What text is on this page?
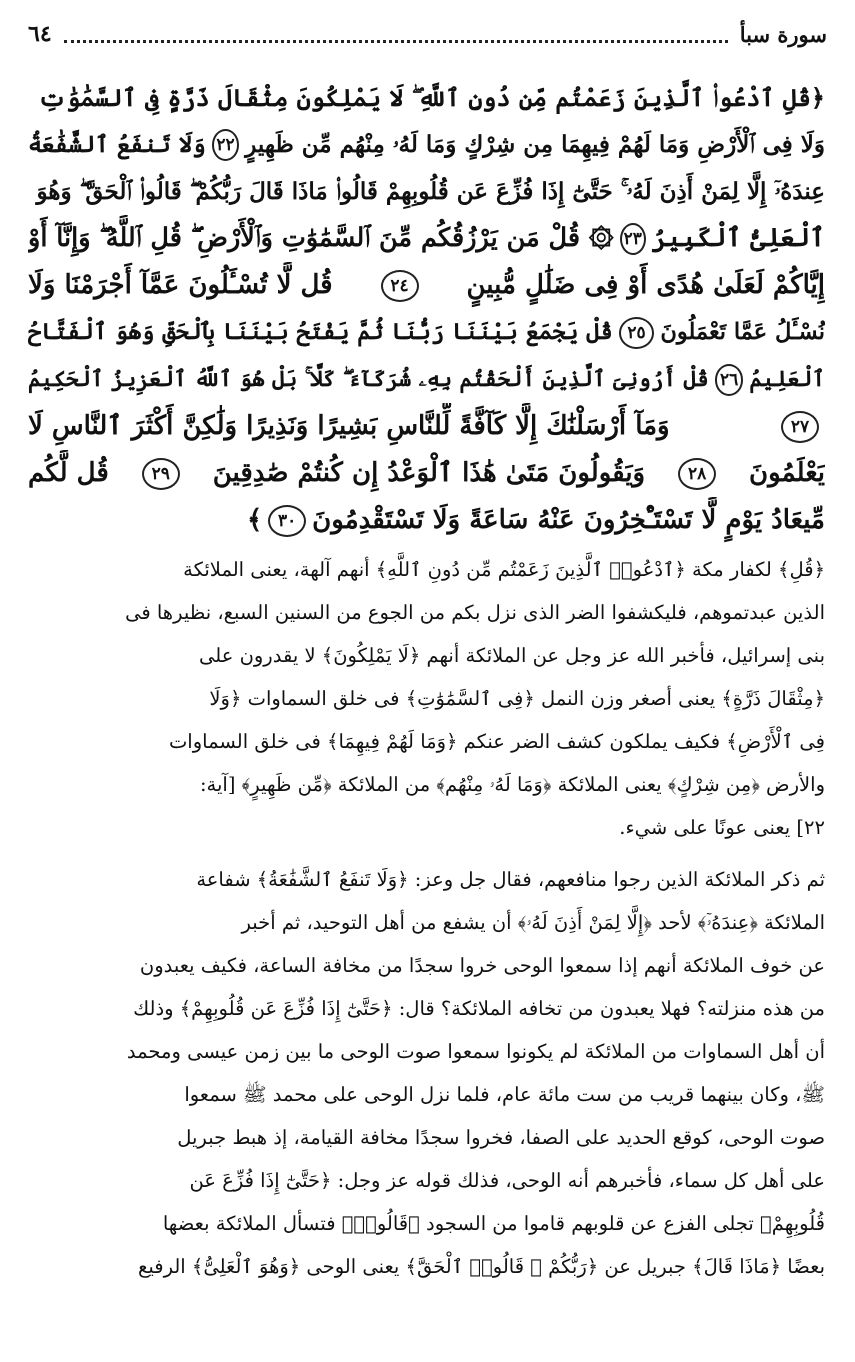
سورة سبأ
٦٤
﴿قُلِ ٱدْعُوا۟ ٱلَّذِينَ زَعَمْتُم مِّن دُونِ ٱللَّهِ ۖ لَا يَمْلِكُونَ مِثْقَالَ ذَرَّةٍ فِى ٱلسَّمَٰوَٰتِ
وَلَا فِى ٱلْأَرْضِ وَمَا لَهُمْ فِيهِمَا مِن شِرْكٍ وَمَا لَهُۥ مِنْهُم مِّن ظَهِيرٍ
٢٢
وَلَا تَنفَعُ ٱلشَّفَٰعَةُ
عِندَهُۥٓ إِلَّا لِمَنْ أَذِنَ لَهُۥ ۚ حَتَّىٰٓ إِذَا فُزِّعَ عَن قُلُوبِهِمْ قَالُوا۟ مَاذَا قَالَ رَبُّكُمْ ۖ قَالُوا۟ ٱلْحَقَّ ۖ وَهُوَ
ٱلْعَلِىُّ ٱلْكَبِيرُ
٢٣
۞ قُلْ مَن يَرْزُقُكُم مِّنَ ٱلسَّمَٰوَٰتِ وَٱلْأَرْضِ ۖ قُلِ ٱللَّهُ ۖ وَإِنَّآ أَوْ
إِيَّاكُمْ لَعَلَىٰ هُدًى أَوْ فِى ضَلَٰلٍ مُّبِينٍ
٢٤
قُل لَّا تُسْـَٔلُونَ عَمَّآ أَجْرَمْنَا وَلَا
نُسْـَٔلُ عَمَّا تَعْمَلُونَ
٢٥
قُلْ يَجْمَعُ بَيْنَنَا رَبُّنَا ثُمَّ يَفْتَحُ بَيْنَنَا بِٱلْحَقِّ وَهُوَ ٱلْفَتَّاحُ
ٱلْعَلِيمُ
٢٦
قُلْ أَرُونِىَ ٱلَّذِينَ أَلْحَقْتُم بِهِۦ شُرَكَآءَ ۖ كَلَّا ۚ بَلْ هُوَ ٱللَّهُ ٱلْعَزِيزُ ٱلْحَكِيمُ
٢٧
وَمَآ أَرْسَلْنَٰكَ إِلَّا كَآفَّةً لِّلنَّاسِ بَشِيرًا وَنَذِيرًا وَلَٰكِنَّ أَكْثَرَ ٱلنَّاسِ لَا
يَعْلَمُونَ
٢٨
وَيَقُولُونَ مَتَىٰ هَٰذَا ٱلْوَعْدُ إِن كُنتُمْ صَٰدِقِينَ
٢٩
قُل لَّكُم
مِّيعَادُ يَوْمٍ لَّا تَسْتَـْٔخِرُونَ عَنْهُ سَاعَةً وَلَا تَسْتَقْدِمُونَ
٣٠
﴾
﴿قُلِ﴾ لكفار مكة ﴿ٱدْعُوا۟ ٱلَّذِينَ زَعَمْتُم مِّن دُونِ ٱللَّهِ﴾ أنهم آلهة، يعنى الملائكة
الذين عبدتموهم، فليكشفوا الضر الذى نزل بكم من الجوع من السنين السبع، نظيرها فى
بنى إسرائيل، فأخبر الله عز وجل عن الملائكة أنهم ﴿لَا يَمْلِكُونَ﴾ لا يقدرون على
﴿مِثْقَالَ ذَرَّةٍ﴾ يعنى أصغر وزن النمل ﴿فِى ٱلسَّمَٰوَٰتِ﴾ فى خلق السماوات ﴿وَلَا
فِى ٱلْأَرْضِ﴾ فكيف يملكون كشف الضر عنكم ﴿وَمَا لَهُمْ فِيهِمَا﴾ فى خلق السماوات
والأرض ﴿مِن شِرْكٍ﴾ يعنى الملائكة ﴿وَمَا لَهُۥ مِنْهُم﴾ من الملائكة ﴿مِّن ظَهِيرٍ﴾ [آية:
٢٢] يعنى عونًا على شيء.
ثم ذكر الملائكة الذين رجوا منافعهم، فقال جل وعز: ﴿وَلَا تَنفَعُ ٱلشَّفَٰعَةُ﴾ شفاعة
الملائكة ﴿عِندَهُۥٓ﴾ لأحد ﴿إِلَّا لِمَنْ أَذِنَ لَهُۥ﴾ أن يشفع من أهل التوحيد، ثم أخبر
عن خوف الملائكة أنهم إذا سمعوا الوحى خروا سجدًا من مخافة الساعة، فكيف يعبدون
من هذه منزلته؟ فهلا يعبدون من تخافه الملائكة؟ قال: ﴿حَتَّىٰٓ إِذَا فُزِّعَ عَن قُلُوبِهِمْ﴾ وذلك
أن أهل السماوات من الملائكة لم يكونوا سمعوا صوت الوحى ما بين زمن عيسى ومحمد
ﷺ، وكان بينهما قريب من ست مائة عام، فلما نزل الوحى على محمد ﷺ سمعوا
صوت الوحى، كوقع الحديد على الصفا، فخروا سجدًا مخافة القيامة، إذ هبط جبريل
على أهل كل سماء، فأخبرهم أنه الوحى، فذلك قوله عز وجل: ﴿حَتَّىٰٓ إِذَا فُزِّعَ عَن
قُلُوبِهِمْ﴾ تجلى الفزع عن قلوبهم قاموا من السجود ﴿قَالُوا۟﴾ فتسأل الملائكة بعضها
بعضًا ﴿مَاذَا قَالَ﴾ جبريل عن ﴿رَبُّكُمْ ۖ قَالُوا۟ ٱلْحَقَّ﴾ يعنى الوحى ﴿وَهُوَ ٱلْعَلِىُّ﴾ الرفيع
